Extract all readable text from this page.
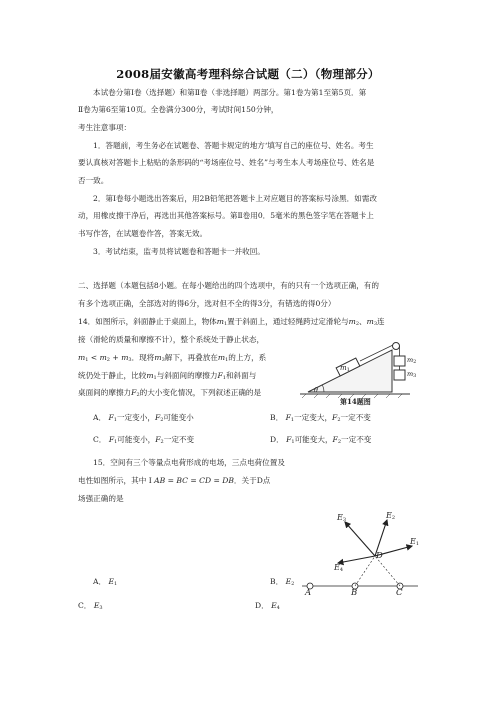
2008届安徽高考理科综合试题（二）（物理部分）
本试卷分第Ⅰ卷（选择题）和第Ⅱ卷（非选择题）两部分。第1卷为第1至第5页．第
Ⅱ卷为第6至第10页。全卷满分300分，考试时间150分钟，
考生注意事项：
1．答题前，考生务必在试题卷、答题卡规定的地方‘填写自己的座位号、姓名。考生
要认真核对答题卡上粘贴的条形码的“考场座位号、姓名”与考生本人考场座位号、姓名是
否一致。
2．第Ⅰ卷每小题选出答案后，用2B铅笔把答题卡上对应题目的答案标号涂黑．如需改
动，用橡皮擦干净后，再选出其他答案标号。第Ⅱ卷用0．5毫米的黑色签字笔在答题卡上
书写作答，在试题卷作答，答案无效。
3．考试结束，监考员将试题卷和答题卡一并收回。
二、选择题（本题包括8小题。在每小题给出的四个选项中，有的只有一个选项正确，有的
有多个选项正确，全部选对的得6分，选对但不全的得3分，有错选的得0分）
14．如图所示，斜面静止于桌面上，物体$m_1$置于斜面上，通过轻绳跨过定滑轮与$m_2$、$m_3$连
接（滑轮的质量和摩擦不计），整个系统处于静止状态，
$m_1 < m_2 + m_3$．现将$m_3$解下，再叠放在$m_1$的上方，系
统仍处于静止，比较$m_1$与斜面间的摩擦力$F_1$和斜面与
桌面间的摩擦力$F_2$的大小变化情况，下列叙述正确的是
$m_1$
$m_2$
$m_3$
θ
第14题图
A． $F_1$一定变小，$F_2$可能变小	B． $F_1$一定变大，$F_2$一定不变
C． $F_1$可能变小，$F_2$一定不变	D． $F_1$可能变大，$F_2$一定不变
15．空间有三个等量点电荷形成的电场，三点电荷位置及
电性如图所示，其中 I AB = BC = CD = DB．关于D点
场强正确的是
$E_3$	$E_2$
$E_1$
$E_4$
D
A	B	C
A． $E_1$	B． $E_2$
C． $E_3$	D． $E_4$
